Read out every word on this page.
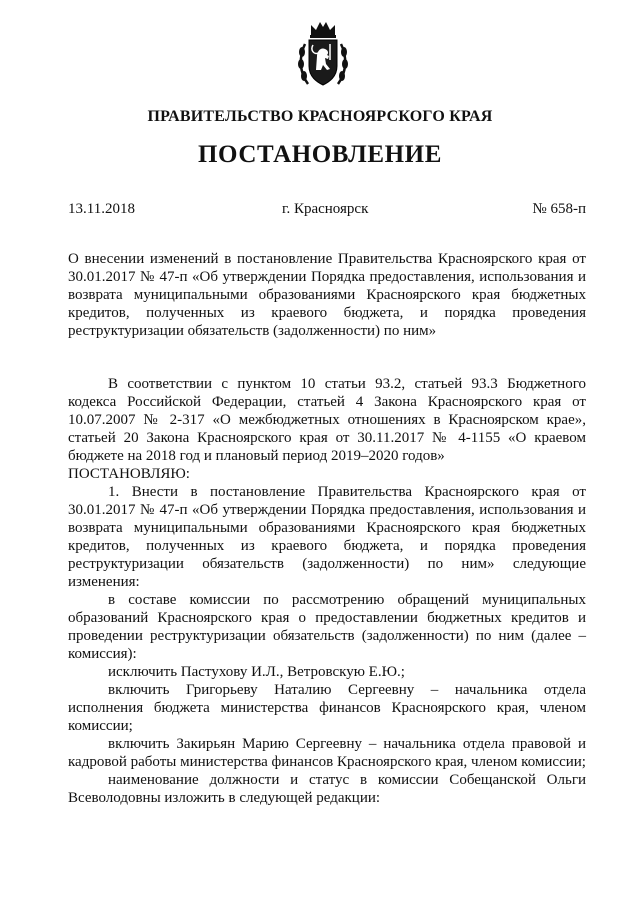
ПРАВИТЕЛЬСТВО КРАСНОЯРСКОГО КРАЯ
ПОСТАНОВЛЕНИЕ
13.11.2018	г. Красноярск	№ 658-п
О внесении изменений в постановление Правительства Красноярского края от 30.01.2017 № 47-п «Об утверждении Порядка предоставления, использования и возврата муниципальными образованиями Красноярского края бюджетных кредитов, полученных из краевого бюджета, и порядка проведения реструктуризации обязательств (задолженности) по ним»

В соответствии с пунктом 10 статьи 93.2, статьей 93.3 Бюджетного кодекса Российской Федерации, статьей 4 Закона Красноярского края от 10.07.2007 № 2-317 «О межбюджетных отношениях в Красноярском крае», статьей 20 Закона Красноярского края от 30.11.2017 № 4-1155 «О краевом бюджете на 2018 год и плановый период 2019–2020 годов»

ПОСТАНОВЛЯЮ:

1. Внести в постановление Правительства Красноярского края от 30.01.2017 № 47-п «Об утверждении Порядка предоставления, использования и возврата муниципальными образованиями Красноярского края бюджетных кредитов, полученных из краевого бюджета, и порядка проведения реструктуризации обязательств (задолженности) по ним» следующие изменения:

в составе комиссии по рассмотрению обращений муниципальных образований Красноярского края о предоставлении бюджетных кредитов и проведении реструктуризации обязательств (задолженности) по ним (далее – комиссия):

исключить Пастухову И.Л., Ветровскую Е.Ю.;

включить Григорьеву Наталию Сергеевну – начальника отдела исполнения бюджета министерства финансов Красноярского края, членом комиссии;

включить Закирьян Марию Сергеевну – начальника отдела правовой и кадровой работы министерства финансов Красноярского края, членом комиссии;

наименование должности и статус в комиссии Собещанской Ольги Всеволодовны изложить в следующей редакции:
